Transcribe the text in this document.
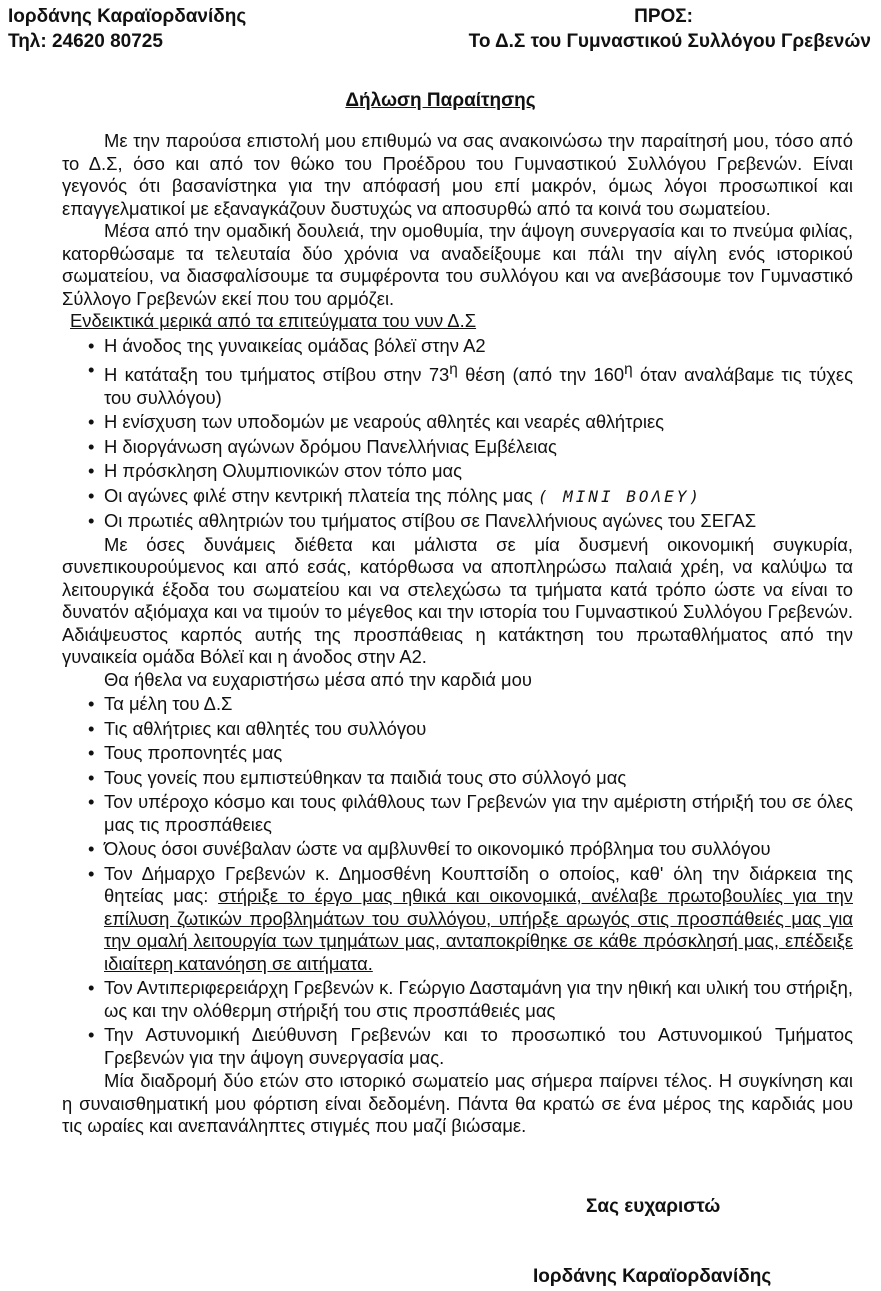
Ιορδάνης Καραϊορδανίδης
Τηλ: 24620 80725
ΠΡΟΣ:
Το Δ.Σ του Γυμναστικού Συλλόγου Γρεβενών
Δήλωση Παραίτησης

Με την παρούσα επιστολή μου επιθυμώ να σας ανακοινώσω την παραίτησή μου, τόσο από το Δ.Σ, όσο και από τον θώκο του Προέδρου του Γυμναστικού Συλλόγου Γρεβενών. Είναι γεγονός ότι βασανίστηκα για την απόφασή μου επί μακρόν, όμως λόγοι προσωπικοί και επαγγελματικοί με εξαναγκάζουν δυστυχώς να αποσυρθώ από τα κοινά του σωματείου.

Μέσα από την ομαδική δουλειά, την ομοθυμία, την άψογη συνεργασία και το πνεύμα φιλίας, κατορθώσαμε τα τελευταία δύο χρόνια να αναδείξουμε και πάλι την αίγλη ενός ιστορικού σωματείου, να διασφαλίσουμε τα συμφέροντα του συλλόγου και να ανεβάσουμε τον Γυμναστικό Σύλλογο Γρεβενών εκεί που του αρμόζει.

Ενδεικτικά μερικά από τα επιτεύγματα του νυν Δ.Σ
• Η άνοδος της γυναικείας ομάδας βόλεϊ στην Α2
• Η κατάταξη του τμήματος στίβου στην $73^\eta$ θέση (από την $160^\eta$ όταν αναλάβαμε τις τύχες του συλλόγου)
• Η ενίσχυση των υποδομών με νεαρούς αθλητές και νεαρές αθλήτριες
• Η διοργάνωση αγώνων δρόμου Πανελλήνιας Εμβέλειας
• Η πρόσκληση Ολυμπιονικών στον τόπο μας
• Οι αγώνες φιλέ στην κεντρική πλατεία της πόλης μας ( MINI ΒΟΛΕΥ)
• Οι πρωτιές αθλητριών του τμήματος στίβου σε Πανελλήνιους αγώνες του ΣΕΓΑΣ

Με όσες δυνάμεις διέθετα και μάλιστα σε μία δυσμενή οικονομική συγκυρία, συνεπικουρούμενος και από εσάς, κατόρθωσα να αποπληρώσω παλαιά χρέη, να καλύψω τα λειτουργικά έξοδα του σωματείου και να στελεχώσω τα τμήματα κατά τρόπο ώστε να είναι το δυνατόν αξιόμαχα και να τιμούν το μέγεθος και την ιστορία του Γυμναστικού Συλλόγου Γρεβενών. Αδιάψευστος καρπός αυτής της προσπάθειας η κατάκτηση του πρωταθλήματος από την γυναικεία ομάδα Βόλεϊ και η άνοδος στην Α2.

Θα ήθελα να ευχαριστήσω μέσα από την καρδιά μου

• Τα μέλη του Δ.Σ
• Τις αθλήτριες και αθλητές του συλλόγου
• Τους προπονητές μας
• Τους γονείς που εμπιστεύθηκαν τα παιδιά τους στο σύλλογό μας
• Τον υπέροχο κόσμο και τους φιλάθλους των Γρεβενών για την αμέριστη στήριξή του σε όλες μας τις προσπάθειες
• Όλους όσοι συνέβαλαν ώστε να αμβλυνθεί το οικονομικό πρόβλημα του συλλόγου
• Τον Δήμαρχο Γρεβενών κ. Δημοσθένη Κουπτσίδη ο οποίος, καθ' όλη την διάρκεια της θητείας μας: στήριξε το έργο μας ηθικά και οικονομικά, ανέλαβε πρωτοβουλίες για την επίλυση ζωτικών προβλημάτων του συλλόγου, υπήρξε αρωγός στις προσπάθειές μας για την ομαλή λειτουργία των τμημάτων μας, ανταποκρίθηκε σε κάθε πρόσκλησή μας, επέδειξε ιδιαίτερη κατανόηση σε αιτήματα.
• Τον Αντιπεριφερειάρχη Γρεβενών κ. Γεώργιο Δασταμάνη για την ηθική και υλική του στήριξη, ως και την ολόθερμη στήριξή του στις προσπάθειές μας
• Την Αστυνομική Διεύθυνση Γρεβενών και το προσωπικό του Αστυνομικού Τμήματος Γρεβενών για την άψογη συνεργασία μας.

Μία διαδρομή δύο ετών στο ιστορικό σωματείο μας σήμερα παίρνει τέλος. Η συγκίνηση και η συναισθηματική μου φόρτιση είναι δεδομένη. Πάντα θα κρατώ σε ένα μέρος της καρδιάς μου τις ωραίες και ανεπανάληπτες στιγμές που μαζί βιώσαμε.

Σας ευχαριστώ
Ιορδάνης Καραϊορδανίδης
